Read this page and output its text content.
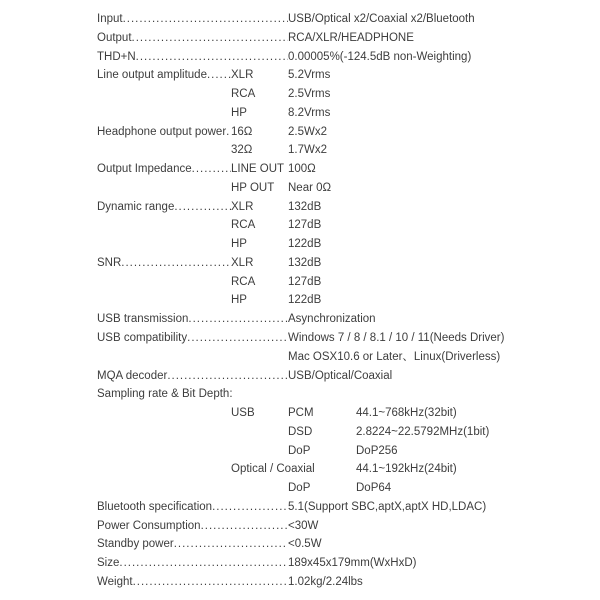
Input .....	USB/Optical x2/Coaxial x2/Bluetooth
Output .....	RCA/XLR/HEADPHONE
THD+N .....	0.00005%(-124.5dB non-Weighting)
Line output amplitude ..... XLR	5.2Vrms
RCA	2.5Vrms
HP	8.2Vrms
Headphone output power ..... 16Ω	2.5Wx2
32Ω	1.7Wx2
Output Impedance .....	LINE OUT 100Ω
HP OUT Near 0Ω
Dynamic range .....	XLR	132dB
RCA	127dB
HP	122dB
SNR .....	XLR	132dB
RCA	127dB
HP	122dB
USB transmission .....	Asynchronization
USB compatibility .....	Windows 7 / 8 / 8.1 / 10 / 11(Needs Driver)
Mac OSX10.6 or Later、Linux(Driverless)
MQA decoder .....	USB/Optical/Coaxial
Sampling rate & Bit Depth:
USB	PCM	44.1~768kHz(32bit)
DSD	2.8224~22.5792MHz(1bit)
DoP	DoP256
Optical / Coaxial	44.1~192kHz(24bit)
DoP	DoP64
Bluetooth specification .....	5.1(Support SBC,aptX,aptX HD,LDAC)
Power Consumption .....	<30W
Standby power .....	<0.5W
Size .....	189x45x179mm(WxHxD)
Weight .....	1.02kg/2.24lbs
